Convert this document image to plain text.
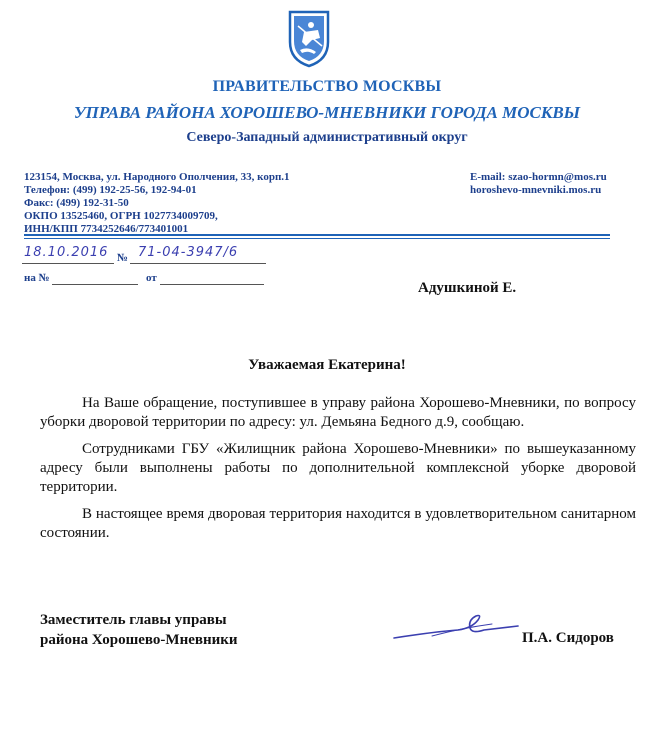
ПРАВИТЕЛЬСТВО МОСКВЫ
УПРАВА РАЙОНА ХОРОШЕВО-МНЕВНИКИ ГОРОДА МОСКВЫ
Северо-Западный административный округ
123154, Москва, ул. Народного Ополчения, 33, корп.1
Телефон: (499) 192-25-56, 192-94-01
Факс: (499) 192-31-50
ОКПО 13525460, ОГРН 1027734009709,
ИНН/КПП 7734252646/773401001
E-mail: szao-hormn@mos.ru
horoshevo-mnevniki.mos.ru
18.10.2016 № 71-04-3947/6
на №	от
Адушкиной Е.
Уважаемая Екатерина!

На Ваше обращение, поступившее в управу района Хорошево-Мневники, по вопросу уборки дворовой территории по адресу: ул. Демьяна Бедного д.9, сообщаю.

Сотрудниками ГБУ «Жилищник района Хорошево-Мневники» по вышеуказанному адресу были выполнены работы по дополнительной комплексной уборке дворовой территории.

В настоящее время дворовая территория находится в удовлетворительном санитарном состоянии.

Заместитель главы управы
района Хорошево-Мневники	П.А. Сидоров
